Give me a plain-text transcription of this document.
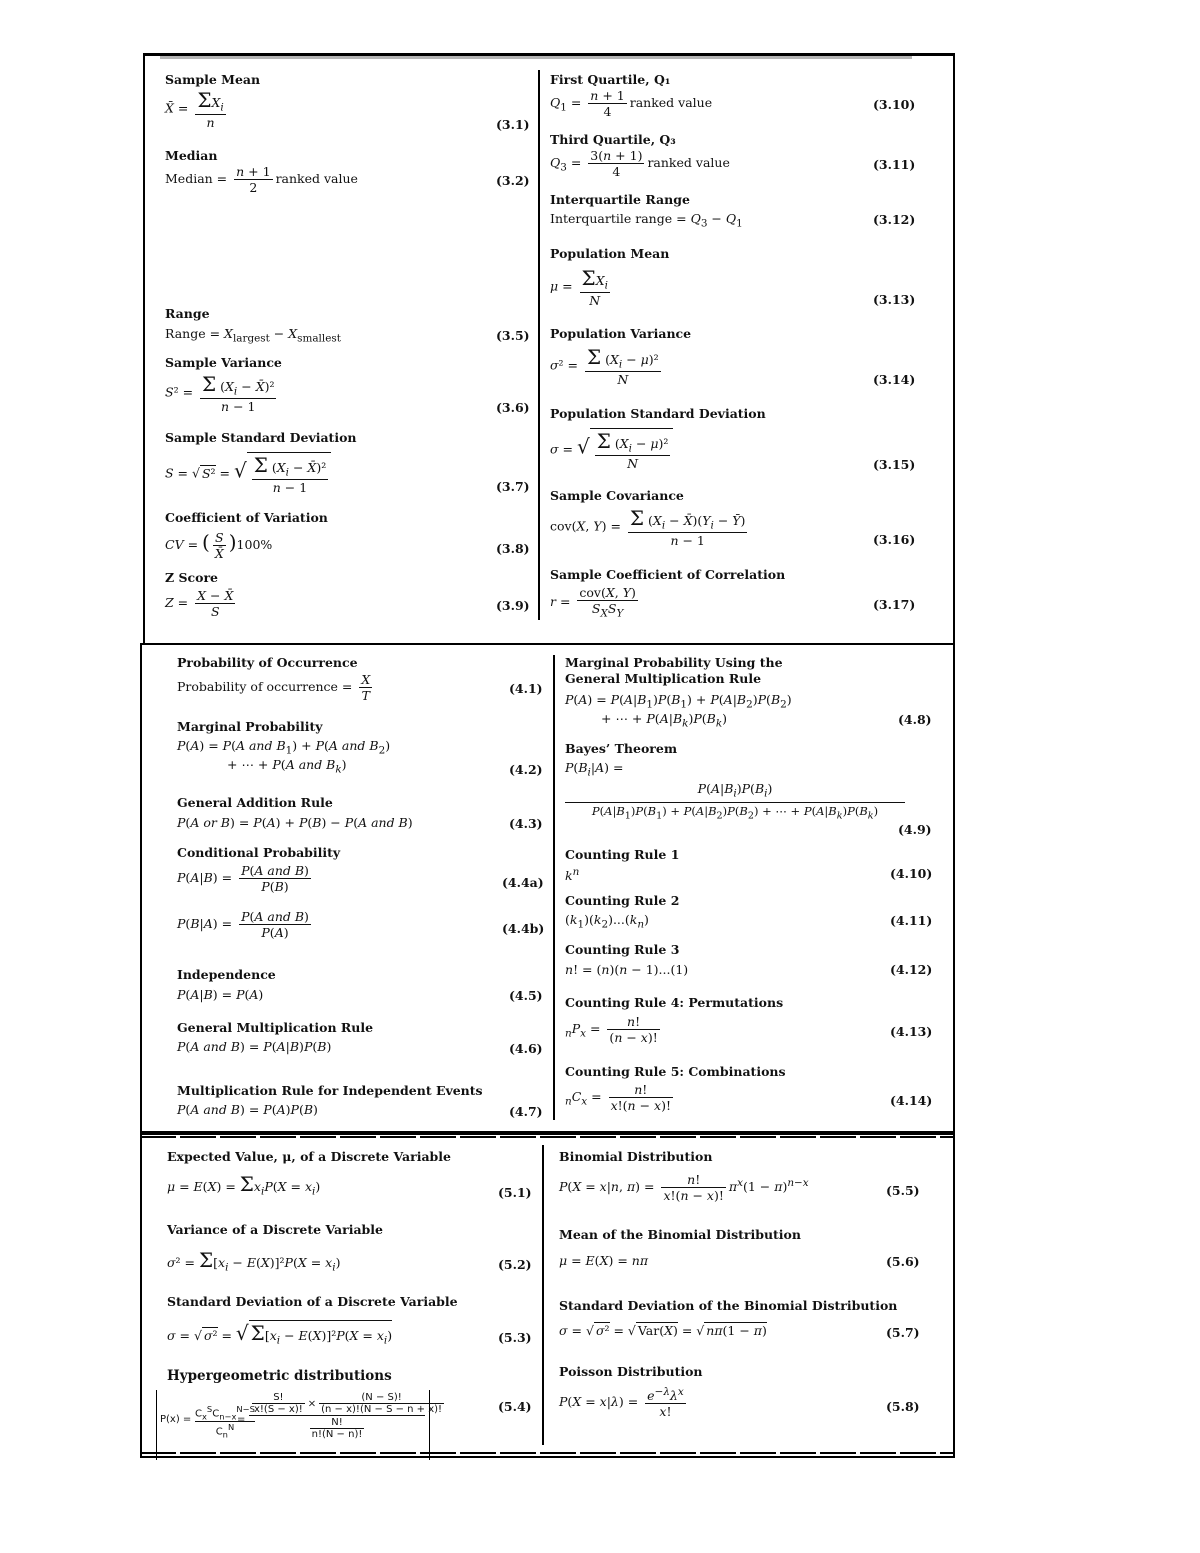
Sample Mean
X̄ = $\frac{\Sigma X_i}{n}$	(3.1)
Median
Median = $\frac{n + 1}{2}$ ranked value	(3.2)
Range
Range = $X_{largest} - X_{smallest}$	(3.5)
Sample Variance
$S^2 = \frac{\Sigma (X_i - X̄)^2}{n - 1}$	(3.6)
Sample Standard Deviation
S = √ S² = √ $\frac{\Sigma (X_i - X̄)^2}{n - 1}$	(3.7)
Coefficient of Variation
CV = ( $\frac{S}{X̄} )100\%$	(3.8)
Z Score
$Z = \frac{X - X̄}{S}$	(3.9)
First Quartile, Q₁
$Q_1 = \frac{n + 1}{4}$ ranked value	(3.10)
Third Quartile, Q₃
$Q_3 = \frac{3(n + 1)}{4}$ ranked value	(3.11)
Interquartile Range
Interquartile range = $Q_3 - Q_1$	(3.12)
Population Mean
$\mu = \frac{\Sigma X_i}{N}$	(3.13)
Population Variance
$\sigma^2 = \frac{\Sigma (X_i - \mu)^2}{N}$	(3.14)
Population Standard Deviation
σ = √ $\frac{\Sigma (X_i - \mu)^2}{N}$	(3.15)
Sample Covariance
cov(X, $Y) = \frac{\Sigma (X_i - X̄)(Y_i - Ȳ)}{n - 1}$	(3.16)
Sample Coefficient of Correlation
$r = \frac{\text{cov(X, Y)}}{S_XS_Y}$	(3.17)
Probability of Occurrence
Probability of occurrence = $\frac{X}{T}$	(4.1)
Marginal Probability
P(A) = P(A and $B_1) + P(A$ and $B_2$)
+ ⋯ + P(A and $B_k$)	(4.2)
General Addition Rule
P(A or B) = P(A) + P(B) − P(A and B)	(4.3)
Conditional Probability
$P(A|B) = \frac{\text{P(A and B)}}{P(B)}$	(4.4a)
$P(B|A) = \frac{\text{P(A and B)}}{P(A)}$	(4.4b)
Independence
P(A|B) = P(A)	(4.5)
General Multiplication Rule
P(A and B) = P(A|B)P(B)	(4.6)
Multiplication Rule for Independent Events
P(A and B) = P(A)P(B)	(4.7)
Marginal Probability Using the General Multiplication Rule
$P(A) = P(A|B_1)P(B_1) + P(A|B_2)P(B_2)$
+ ⋯ + $P(A|B_k)P(B_k)$	(4.8)
Bayes’ Theorem
$P(B_i|A)$ =
$P(A|B_i)P(B_i)$
$P(A|B_1)P(B_1) + P(A|B_2)P(B_2)$ + ⋯ + $P(A|B_k)P(B_k)$
(4.9)
Counting Rule 1
$k^n$	(4.10)
Counting Rule 2
$(k_1)(k_2)...(k_n)$	(4.11)
Counting Rule 3
n! = (n)(n − 1)...(1)	(4.12)
Counting Rule 4: Permutations
$_nP_x = \frac{n!}{(n - x)!}$	(4.13)
Counting Rule 5: Combinations
$_nC_x = \frac{n!}{x!(n - x)!}$	(4.14)
Expected Value, μ, of a Discrete Variable
$\mu = E(X) = \Sigma x_iP(X = x_i)$	(5.1)
Variance of a Discrete Variable
$\sigma^2 = \Sigma[x_i - E(X)]^2P(X = x_i)$	(5.2)
Standard Deviation of a Discrete Variable
σ = √ σ² = √ $\Sigma[x_i - E(X)]^2P(X = x_i)$	(5.3)
Hypergeometric distributions
P(x) =
$C_x^SC_{n-x}^{N-S}$
$C_n^N$
=
$\frac{S!}{x!(S - x)!} \times \frac{(N - S)!}{(n - x)!(N - S - n + x)!}$
$\frac{N!}{n!(N - n)!}$
(5.4)
Binomial Distribution
P(X = x|n, $\pi) = \frac{n!}{x!(n - x)!} \pi^x(1 - \pi)^{n-x}$
(5.5)
Mean of the Binomial Distribution
μ = E(X) = nπ	(5.6)
Standard Deviation of the Binomial Distribution
σ = √ σ² = √ Var(X) = √ nπ(1 − π)	(5.7)
Poisson Distribution
$P(X = x|\lambda) = \frac{e^{-\lambda}\lambda^x}{x!}$	(5.8)
